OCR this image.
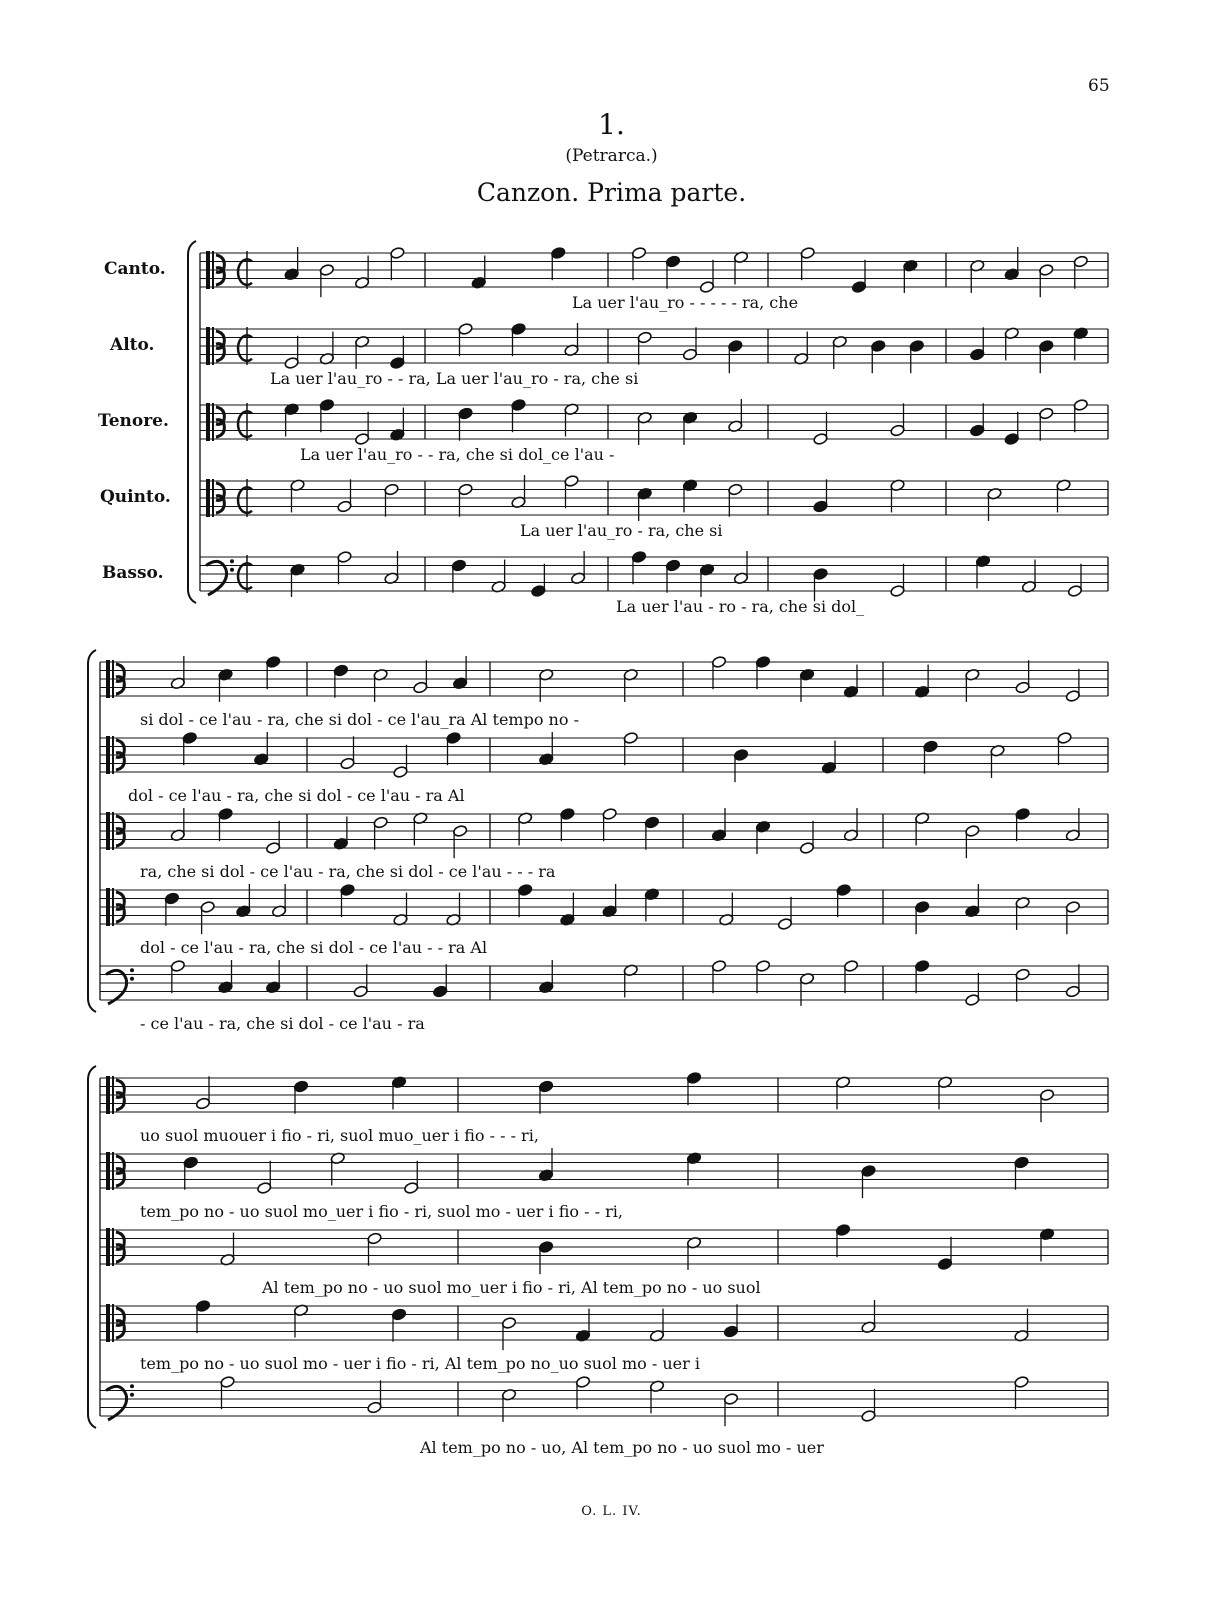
65
1.
(Petrarca.)
Canzon. Prima parte.
Canto.
Alto.
Tenore.
Quinto.
Basso.
La uer l'au_ro - - - - - ra, che
La uer l'au_ro - - ra, La uer l'au_ro - ra, che si
La uer l'au_ro - - ra, che si dol_ce l'au -
La uer l'au_ro - ra, che si
La uer l'au - ro - ra, che si dol_
si dol - ce l'au - ra, che si dol - ce l'au_ra Al tempo no -
dol - ce l'au - ra, che si dol - ce l'au - ra Al
ra, che si dol - ce l'au - ra, che si dol - ce l'au - - - ra
dol - ce l'au - ra, che si dol - ce l'au - - ra Al
- ce l'au - ra, che si dol - ce l'au - ra
uo suol muouer i fio - ri, suol muo_uer i fio - - - ri,
tem_po no - uo suol mo_uer i fio - ri, suol mo - uer i fio - - ri,
Al tem_po no - uo suol mo_uer i fio - ri, Al tem_po no - uo suol
tem_po no - uo suol mo - uer i fio - ri, Al tem_po no_uo suol mo - uer i
Al tem_po no - uo, Al tem_po no - uo suol mo - uer
O. L. IV.
